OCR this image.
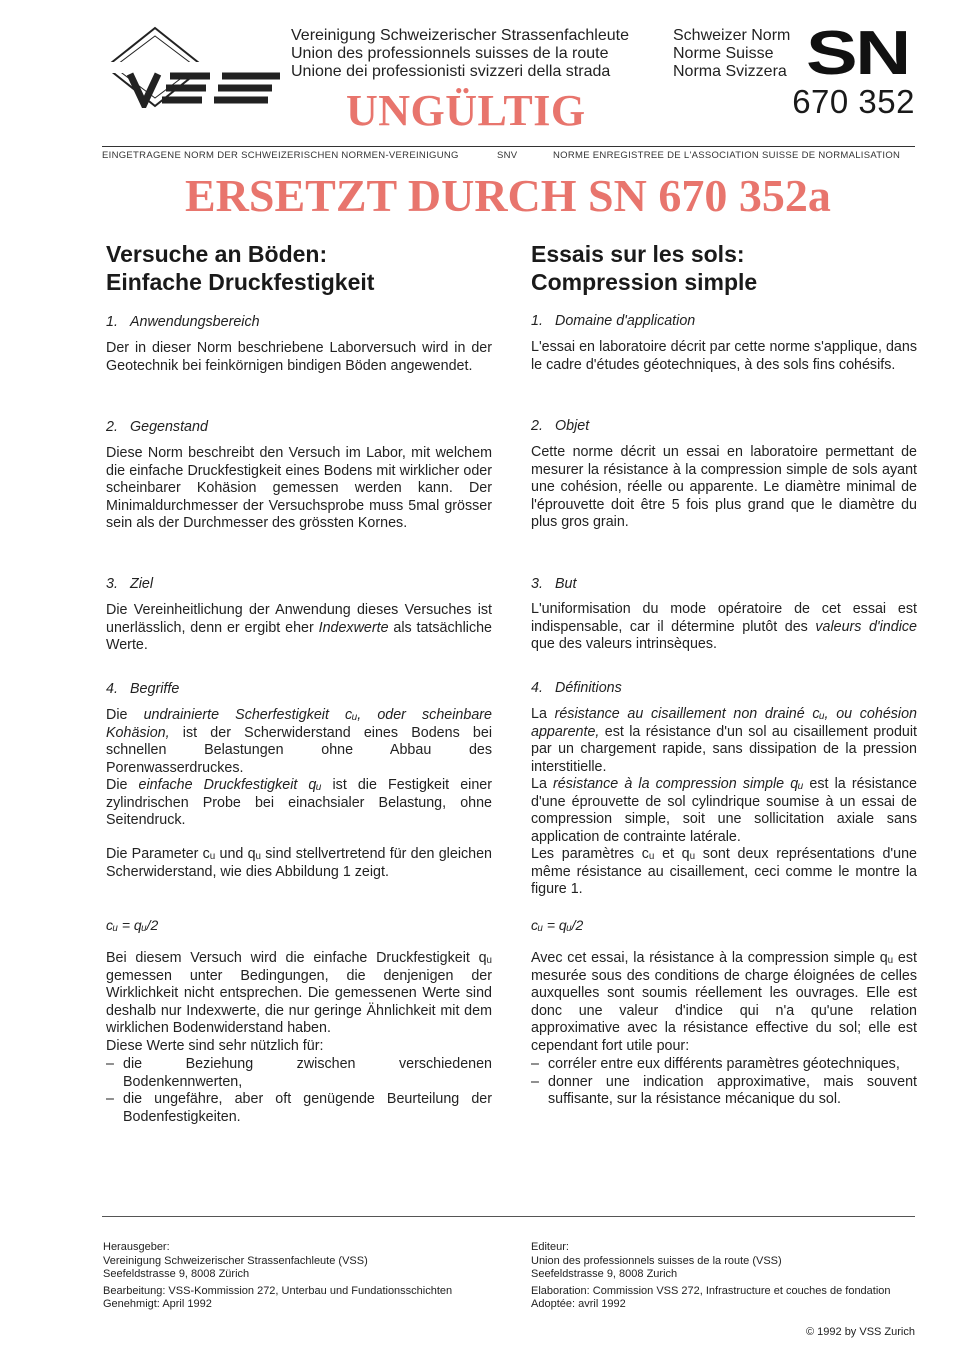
Vereinigung Schweizerischer Strassenfachleute
Union des professionnels suisses de la route
Unione dei professionisti svizzeri della strada
Schweizer Norm
Norme Suisse
Norma Svizzera SN
670 352
UNGÜLTIG
EINGETRAGENE NORM DER SCHWEIZERISCHEN NORMEN-VEREINIGUNG	SNV	NORME ENREGISTREE DE L'ASSOCIATION SUISSE DE NORMALISATION
ERSETZT DURCH SN 670 352a
Versuche an Böden:
Einfache Druckfestigkeit
1. Anwendungsbereich
Der in dieser Norm beschriebene Laborversuch wird in der Geotechnik bei feinkörnigen bindigen Böden angewendet.
2. Gegenstand
Diese Norm beschreibt den Versuch im Labor, mit welchem die einfache Druckfestigkeit eines Bodens mit wirklicher oder scheinbarer Kohäsion gemessen werden kann. Der Minimaldurchmesser der Versuchsprobe muss 5mal grösser sein als der Durchmesser des grössten Kornes.
3. Ziel
Die Vereinheitlichung der Anwendung dieses Versuches ist unerlässlich, denn er ergibt eher Indexwerte als tatsächliche Werte.
4. Begriffe
Die undrainierte Scherfestigkeit cᵤ, oder scheinbare Kohäsion, ist der Scherwiderstand eines Bodens bei schnellen Belastungen ohne Abbau des Porenwasserdruckes.
Die einfache Druckfestigkeit qᵤ ist die Festigkeit einer zylindrischen Probe bei einachsialer Belastung, ohne Seitendruck.
Die Parameter cᵤ und qᵤ sind stellvertretend für den gleichen Scherwiderstand, wie dies Abbildung 1 zeigt.
cᵤ = qᵤ/2
Bei diesem Versuch wird die einfache Druckfestigkeit qᵤ gemessen unter Bedingungen, die denjenigen der Wirklichkeit nicht entsprechen. Die gemessenen Werte sind deshalb nur Indexwerte, die nur geringe Ähnlichkeit mit dem wirklichen Bodenwiderstand haben.
Diese Werte sind sehr nützlich für:
– die Beziehung zwischen verschiedenen Bodenkennwerten,
– die ungefähre, aber oft genügende Beurteilung der Bodenfestigkeiten.
Essais sur les sols:
Compression simple
1. Domaine d'application
L'essai en laboratoire décrit par cette norme s'applique, dans le cadre d'études géotechniques, à des sols fins cohésifs.
2. Objet
Cette norme décrit un essai en laboratoire permettant de mesurer la résistance à la compression simple de sols ayant une cohésion, réelle ou apparente. Le diamètre minimal de l'éprouvette doit être 5 fois plus grand que le diamètre du plus gros grain.
3. But
L'uniformisation du mode opératoire de cet essai est indispensable, car il détermine plutôt des valeurs d'indice que des valeurs intrinsèques.
4. Définitions
La résistance au cisaillement non drainé cᵤ, ou cohésion apparente, est la résistance d'un sol au cisaillement produit par un chargement rapide, sans dissipation de la pression interstitielle.
La résistance à la compression simple qᵤ est la résistance d'une éprouvette de sol cylindrique soumise à un essai de compression simple, soit une sollicitation axiale sans application de contrainte latérale.
Les paramètres cᵤ et qᵤ sont deux représentations d'une même résistance au cisaillement, ceci comme le montre la figure 1.
cᵤ = qᵤ/2
Avec cet essai, la résistance à la compression simple qᵤ est mesurée sous des conditions de charge éloignées de celles auxquelles sont soumis réellement les ouvrages. Elle est donc une valeur d'indice qui n'a qu'une relation approximative avec la résistance effective du sol; elle est cependant fort utile pour:
– corréler entre eux différents paramètres géotechniques,
– donner une indication approximative, mais souvent suffisante, sur la résistance mécanique du sol.
Herausgeber:
Vereinigung Schweizerischer Strassenfachleute (VSS)
Seefeldstrasse 9, 8008 Zürich
Bearbeitung: VSS-Kommission 272, Unterbau und Fundationsschichten
Genehmigt: April 1992
Editeur:
Union des professionnels suisses de la route (VSS)
Seefeldstrasse 9, 8008 Zurich
Elaboration: Commission VSS 272, Infrastructure et couches de fondation
Adoptée: avril 1992
© 1992 by VSS Zurich
